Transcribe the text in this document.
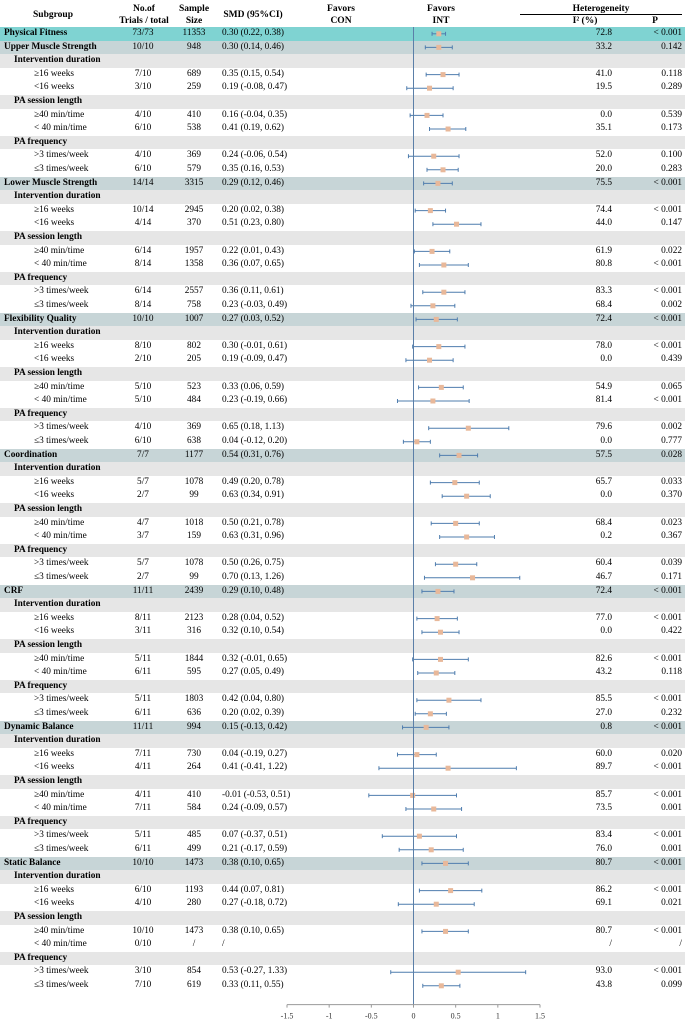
Subgroup
No.of
Trials / total
Sample
Size
SMD (95%CI)
Favors
CON
Favors
INT
Heterogeneity
I² (%)	P
Physical Fitness	73/73	11353	0.30 (0.22, 0.38)	72.8	< 0.001
Upper Muscle Strength	10/10	948	0.30 (0.14, 0.46)	33.2	0.142
Intervention duration
≥16 weeks	7/10	689	0.35 (0.15, 0.54)	41.0	0.118
<16 weeks	3/10	259	0.19 (-0.08, 0.47)	19.5	0.289
PA session length
≥40 min/time	4/10	410	0.16 (-0.04, 0.35)	0.0	0.539
< 40 min/time	6/10	538	0.41 (0.19, 0.62)	35.1	0.173
PA frequency
>3 times/week	4/10	369	0.24 (-0.06, 0.54)	52.0	0.100
≤3 times/week	6/10	579	0.35 (0.16, 0.53)	20.0	0.283
Lower Muscle Strength	14/14	3315	0.29 (0.12, 0.46)	75.5	< 0.001
Intervention duration
≥16 weeks	10/14	2945	0.20 (0.02, 0.38)	74.4	< 0.001
<16 weeks	4/14	370	0.51 (0.23, 0.80)	44.0	0.147
PA session length
≥40 min/time	6/14	1957	0.22 (0.01, 0.43)	61.9	0.022
< 40 min/time	8/14	1358	0.36 (0.07, 0.65)	80.8	< 0.001
PA frequency
>3 times/week	6/14	2557	0.36 (0.11, 0.61)	83.3	< 0.001
≤3 times/week	8/14	758	0.23 (-0.03, 0.49)	68.4	0.002
Flexibility Quality	10/10	1007	0.27 (0.03, 0.52)	72.4	< 0.001
Intervention duration
≥16 weeks	8/10	802	0.30 (-0.01, 0.61)	78.0	< 0.001
<16 weeks	2/10	205	0.19 (-0.09, 0.47)	0.0	0.439
PA session length
≥40 min/time	5/10	523	0.33 (0.06, 0.59)	54.9	0.065
< 40 min/time	5/10	484	0.23 (-0.19, 0.66)	81.4	< 0.001
PA frequency
>3 times/week	4/10	369	0.65 (0.18, 1.13)	79.6	0.002
≤3 times/week	6/10	638	0.04 (-0.12, 0.20)	0.0	0.777
Coordination	7/7	1177	0.54 (0.31, 0.76)	57.5	0.028
Intervention duration
≥16 weeks	5/7	1078	0.49 (0.20, 0.78)	65.7	0.033
<16 weeks	2/7	99	0.63 (0.34, 0.91)	0.0	0.370
PA session length
≥40 min/time	4/7	1018	0.50 (0.21, 0.78)	68.4	0.023
< 40 min/time	3/7	159	0.63 (0.31, 0.96)	0.2	0.367
PA frequency
>3 times/week	5/7	1078	0.50 (0.26, 0.75)	60.4	0.039
≤3 times/week	2/7	99	0.70 (0.13, 1.26)	46.7	0.171
CRF	11/11	2439	0.29 (0.10, 0.48)	72.4	< 0.001
Intervention duration
≥16 weeks	8/11	2123	0.28 (0.04, 0.52)	77.0	< 0.001
<16 weeks	3/11	316	0.32 (0.10, 0.54)	0.0	0.422
PA session length
≥40 min/time	5/11	1844	0.32 (-0.01, 0.65)	82.6	< 0.001
< 40 min/time	6/11	595	0.27 (0.05, 0.49)	43.2	0.118
PA frequency
>3 times/week	5/11	1803	0.42 (0.04, 0.80)	85.5	< 0.001
≤3 times/week	6/11	636	0.20 (0.02, 0.39)	27.0	0.232
Dynamic Balance	11/11	994	0.15 (-0.13, 0.42)	0.8	< 0.001
Intervention duration
≥16 weeks	7/11	730	0.04 (-0.19, 0.27)	60.0	0.020
<16 weeks	4/11	264	0.41 (-0.41, 1.22)	89.7	< 0.001
PA session length
≥40 min/time	4/11	410	-0.01 (-0.53, 0.51)	85.7	< 0.001
< 40 min/time	7/11	584	0.24 (-0.09, 0.57)	73.5	0.001
PA frequency
>3 times/week	5/11	485	0.07 (-0.37, 0.51)	83.4	< 0.001
≤3 times/week	6/11	499	0.21 (-0.17, 0.59)	76.0	0.001
Static Balance	10/10	1473	0.38 (0.10, 0.65)	80.7	< 0.001
Intervention duration
≥16 weeks	6/10	1193	0.44 (0.07, 0.81)	86.2	< 0.001
<16 weeks	4/10	280	0.27 (-0.18, 0.72)	69.1	0.021
PA session length
≥40 min/time	10/10	1473	0.38 (0.10, 0.65)	80.7	< 0.001
< 40 min/time	0/10	/	/	/	/
PA frequency
>3 times/week	3/10	854	0.53 (-0.27, 1.33)	93.0	< 0.001
≤3 times/week	7/10	619	0.33 (0.11, 0.55)	43.8	0.099
-1.5	-1	-0.5	0	0.5	1	1.5
